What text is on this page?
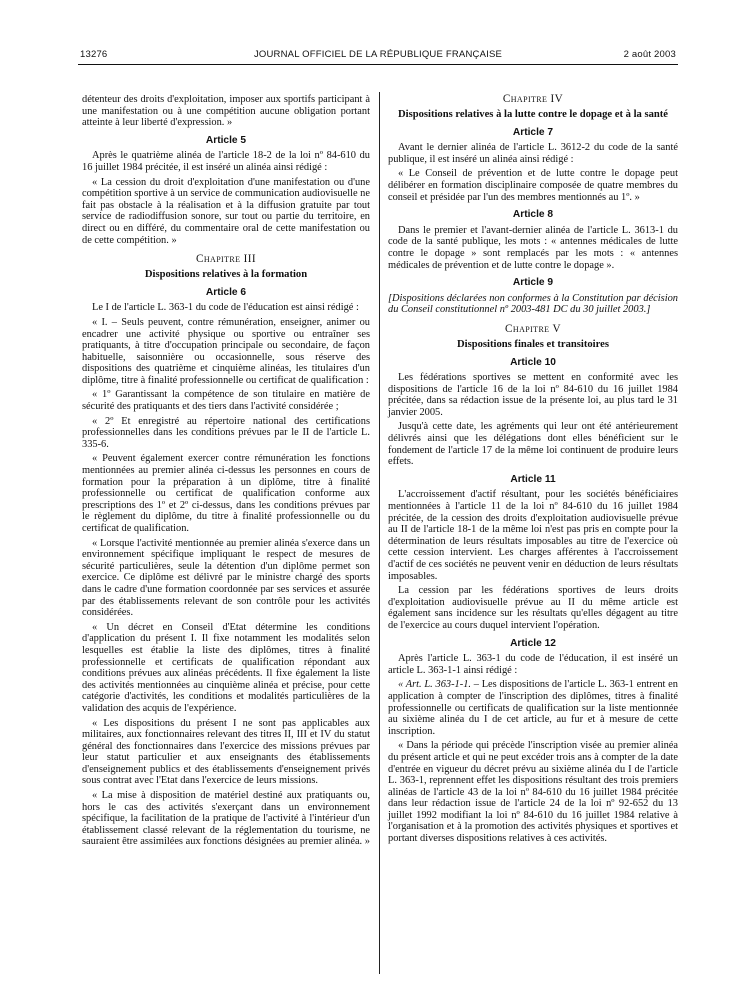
13276	JOURNAL OFFICIEL DE LA RÉPUBLIQUE FRANÇAISE	2 août 2003

détenteur des droits d'exploitation, imposer aux sportifs participant à une manifestation ou à une compétition aucune obligation portant atteinte à leur liberté d'expression. »

Article 5

Après le quatrième alinéa de l'article 18-2 de la loi nº 84-610 du 16 juillet 1984 précitée, il est inséré un alinéa ainsi rédigé :

« La cession du droit d'exploitation d'une manifestation ou d'une compétition sportive à un service de communication audiovisuelle ne fait pas obstacle à la réalisation et à la diffusion gratuite par tout service de radiodiffusion sonore, sur tout ou partie du territoire, en direct ou en différé, du commentaire oral de cette manifestation ou de cette compétition. »

Chapitre III
Dispositions relatives à la formation
Article 6

Le I de l'article L. 363-1 du code de l'éducation est ainsi rédigé :

« I. – Seuls peuvent, contre rémunération, enseigner, animer ou encadrer une activité physique ou sportive ou entraîner ses pratiquants, à titre d'occupation principale ou secondaire, de façon habituelle, saisonnière ou occasionnelle, sous réserve des dispositions des quatrième et cinquième alinéas, les titulaires d'un diplôme, titre à finalité professionnelle ou certificat de qualification :

« 1º Garantissant la compétence de son titulaire en matière de sécurité des pratiquants et des tiers dans l'activité considérée ;

« 2º Et enregistré au répertoire national des certifications professionnelles dans les conditions prévues par le II de l'article L. 335-6.

« Peuvent également exercer contre rémunération les fonctions mentionnées au premier alinéa ci-dessus les personnes en cours de formation pour la préparation à un diplôme, titre à finalité professionnelle ou certificat de qualification conforme aux prescriptions des 1º et 2º ci-dessus, dans les conditions prévues par le règlement du diplôme, du titre à finalité professionnelle ou du certificat de qualification.

« Lorsque l'activité mentionnée au premier alinéa s'exerce dans un environnement spécifique impliquant le respect de mesures de sécurité particulières, seule la détention d'un diplôme permet son exercice. Ce diplôme est délivré par le ministre chargé des sports dans le cadre d'une formation coordonnée par ses services et assurée par des établissements relevant de son contrôle pour les activités considérées.

« Un décret en Conseil d'Etat détermine les conditions d'application du présent I. Il fixe notamment les modalités selon lesquelles est établie la liste des diplômes, titres à finalité professionnelle et certificats de qualification répondant aux conditions prévues aux alinéas précédents. Il fixe également la liste des activités mentionnées au cinquième alinéa et précise, pour cette catégorie d'activités, les conditions et modalités particulières de la validation des acquis de l'expérience.

« Les dispositions du présent I ne sont pas applicables aux militaires, aux fonctionnaires relevant des titres II, III et IV du statut général des fonctionnaires dans l'exercice des missions prévues par leur statut particulier et aux enseignants des établissements d'enseignement publics et des établissements d'enseignement privés sous contrat avec l'Etat dans l'exercice de leurs missions.

« La mise à disposition de matériel destiné aux pratiquants ou, hors le cas des activités s'exerçant dans un environnement spécifique, la facilitation de la pratique de l'activité à l'intérieur d'un établissement classé relevant de la réglementation du tourisme, ne sauraient être assimilées aux fonctions désignées au premier alinéa. »

Chapitre IV
Dispositions relatives à la lutte contre le dopage et à la santé
Article 7

Avant le dernier alinéa de l'article L. 3612-2 du code de la santé publique, il est inséré un alinéa ainsi rédigé :

« Le Conseil de prévention et de lutte contre le dopage peut délibérer en formation disciplinaire composée de quatre membres du conseil et présidée par l'un des membres mentionnés au 1º. »

Article 8

Dans le premier et l'avant-dernier alinéa de l'article L. 3613-1 du code de la santé publique, les mots : « antennes médicales de lutte contre le dopage » sont remplacés par les mots : « antennes médicales de prévention et de lutte contre le dopage ».

Article 9

[Dispositions déclarées non conformes à la Constitution par décision du Conseil constitutionnel nº 2003-481 DC du 30 juillet 2003.]

Chapitre V
Dispositions finales et transitoires
Article 10

Les fédérations sportives se mettent en conformité avec les dispositions de l'article 16 de la loi nº 84-610 du 16 juillet 1984 précitée, dans sa rédaction issue de la présente loi, au plus tard le 31 janvier 2005.

Jusqu'à cette date, les agréments qui leur ont été antérieurement délivrés ainsi que les délégations dont elles bénéficient sur le fondement de l'article 17 de la même loi continuent de produire leurs effets.

Article 11

L'accroissement d'actif résultant, pour les sociétés bénéficiaires mentionnées à l'article 11 de la loi nº 84-610 du 16 juillet 1984 précitée, de la cession des droits d'exploitation audiovisuelle prévue au II de l'article 18-1 de la même loi n'est pas pris en compte pour la détermination de leurs résultats imposables au titre de l'exercice où cette cession intervient. Les charges afférentes à l'accroissement d'actif de ces sociétés ne peuvent venir en déduction de leurs résultats imposables.

La cession par les fédérations sportives de leurs droits d'exploitation audiovisuelle prévue au II du même article est également sans incidence sur les résultats qu'elles dégagent au titre de l'exercice au cours duquel intervient l'opération.

Article 12

Après l'article L. 363-1 du code de l'éducation, il est inséré un article L. 363-1-1 ainsi rédigé :

« Art. L. 363-1-1. – Les dispositions de l'article L. 363-1 entrent en application à compter de l'inscription des diplômes, titres à finalité professionnelle ou certificats de qualification sur la liste mentionnée au sixième alinéa du I de cet article, au fur et à mesure de cette inscription.

« Dans la période qui précède l'inscription visée au premier alinéa du présent article et qui ne peut excéder trois ans à compter de la date d'entrée en vigueur du décret prévu au sixième alinéa du I de l'article L. 363-1, reprennent effet les dispositions résultant des trois premiers alinéas de l'article 43 de la loi nº 84-610 du 16 juillet 1984 précitée dans leur rédaction issue de l'article 24 de la loi nº 92-652 du 13 juillet 1992 modifiant la loi nº 84-610 du 16 juillet 1984 relative à l'organisation et à la promotion des activités physiques et sportives et portant diverses dispositions relatives à ces activités.
